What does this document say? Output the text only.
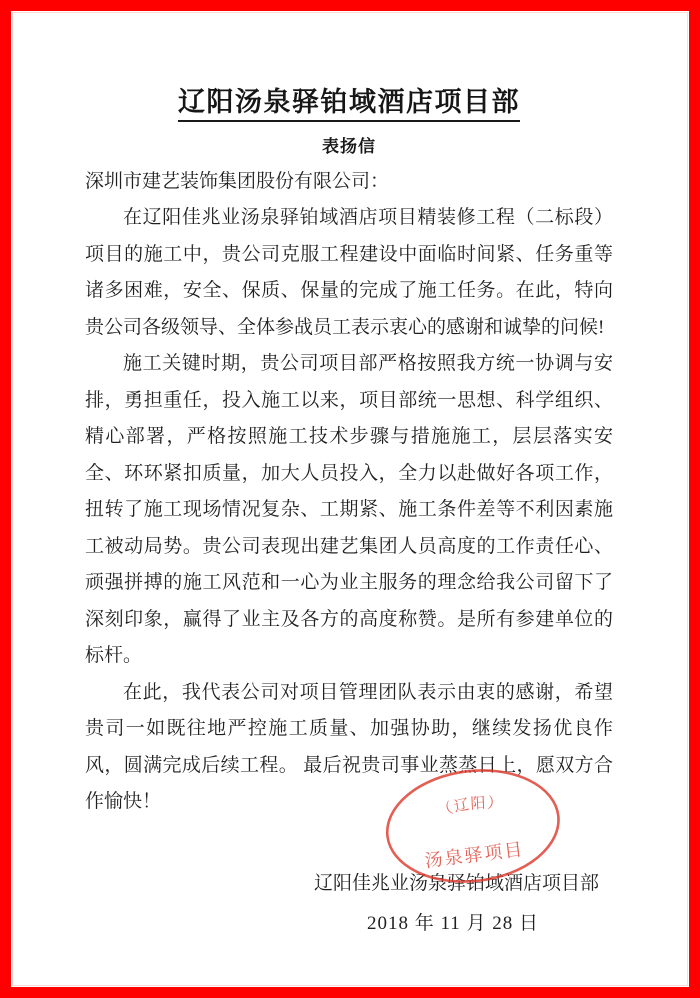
辽阳汤泉驿铂域酒店项目部
表扬信

深圳市建艺装饰集团股份有限公司：

在辽阳佳兆业汤泉驿铂域酒店项目精装修工程（二标段）项目的施工中，贵公司克服工程建设中面临时间紧、任务重等诸多困难，安全、保质、保量的完成了施工任务。在此，特向贵公司各级领导、全体参战员工表示衷心的感谢和诚挚的问候!

施工关键时期，贵公司项目部严格按照我方统一协调与安排，勇担重任，投入施工以来，项目部统一思想、科学组织、精心部署，严格按照施工技术步骤与措施施工，层层落实安全、环环紧扣质量，加大人员投入，全力以赴做好各项工作，扭转了施工现场情况复杂、工期紧、施工条件差等不利因素施工被动局势。贵公司表现出建艺集团人员高度的工作责任心、顽强拼搏的施工风范和一心为业主服务的理念给我公司留下了深刻印象，赢得了业主及各方的高度称赞。是所有参建单位的标杆。

在此，我代表公司对项目管理团队表示由衷的感谢，希望贵司一如既往地严控施工质量、加强协助，继续发扬优良作风，圆满完成后续工程。 最后祝贵司事业蒸蒸日上，愿双方合作愉快！

辽阳佳兆业汤泉驿铂域酒店项目部

2018 年 11 月 28 日

（辽阳）
汤泉驿项目
